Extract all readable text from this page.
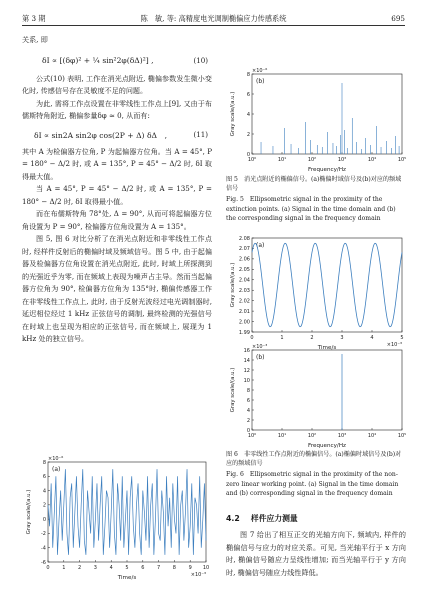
第 3 期	陈　敏, 等: 高精度电光调制椭偏应力传感系统	695

关系, 即

δI ∝ [(δφ)² + ¼ sin²2φ(δΔ)²] ,	(10)

公式(10) 表明, 工作在消光点附近, 椭偏参数发生微小变化时, 传感信号存在灵敏度不足的问题。

为此, 需将工作点设置在非零线性工作点上[9], 又由于布儒斯特角附近, 椭偏参量δφ ≈ 0, 从而有:

δI ∝ sin2A sin2φ cos(2P + Δ) δΔ　,	(11)

其中 A 为检偏器方位角, P 为起偏器方位角。当 A = 45°, P = 180° − Δ/2 时, 或 A = 135°, P = 45° − Δ/2 时, δI 取得最大值。

当 A = 45°, P = 45° − Δ/2 时, 或 A = 135°, P = 180° − Δ/2 时, δI 取得最小值。

而在布儒斯特角 78°处, Δ = 90°, 从而可将起偏器方位角设置为 P = 90°, 检偏器方位角设置为 A = 135°。

图 5, 图 6 对比分析了在消光点附近和非零线性工作点时, 经样件反射后的椭偏时域及频域信号。图 5 中, 由于起偏器及检偏器方位角设置在消光点附近, 此时, 时域上所探测到的光强近乎为零, 而在频域上表现为噪声占主导。然而当起偏器方位角为 90°, 检偏器方位角为 135°时, 椭偏传感器工作在非零线性工作点上, 此时, 由于反射光波经过电光调制器时, 延迟相位经过 1 kHz 正弦信号的调制, 最终检测的光强信号在时域上也呈现为相应的正弦信号, 而在频域上, 展现为 1 kHz 处的独立信号。

(a)
Time/s
Gray scale/(a.u.)
×10⁻⁶
×10⁻³
8
6
4
2
0
-2
-4
-6
0	1	2	3	4	5	6	7	8	9 10
(b)
Frequency/Hz
Gray scale/(a.u.)
×10⁻⁶
0
2
4
6
8
10⁰	10¹	10²	10³	10⁴	10⁵

图 5　消光点附近的椭偏信号。(a)椭偏时域信号及(b)对应的频域信号

Fig. 5　Ellipsometric signal in the proximity of the extinction points. (a) Signal in the time domain and (b) the corresponding signal in the frequency domain

(a)
Time/s
Gray scale/(a.u.)
×10⁻³
2.08
2.07
2.06
2.05
2.04
2.03
2.02
2.01
2.00
1.99
0	1	2	3	4	5
(b)
Frequency/Hz
Gray scale/(a.u.)
×10⁻³
16
14
12
10
8
6
4
2
0
10⁰	10¹	10²	10³	10⁴	10⁵

图 6　非零线性工作点附近的椭偏信号。(a)椭偏时域信号及(b)对应的频域信号

Fig. 6　Ellipsometric signal in the proximity of the non-zero linear working point. (a) Signal in the time domain and (b) corresponding signal in the frequency domain

4.2 样件应力测量

图 7 给出了相互正交的光轴方向下, 频域内, 样件的椭偏信号与应力的对应关系。可见, 当光轴平行于 x 方向时, 椭偏信号随应力呈线性增加; 而当光轴平行于 y 方向时, 椭偏信号随应力线性降低。
